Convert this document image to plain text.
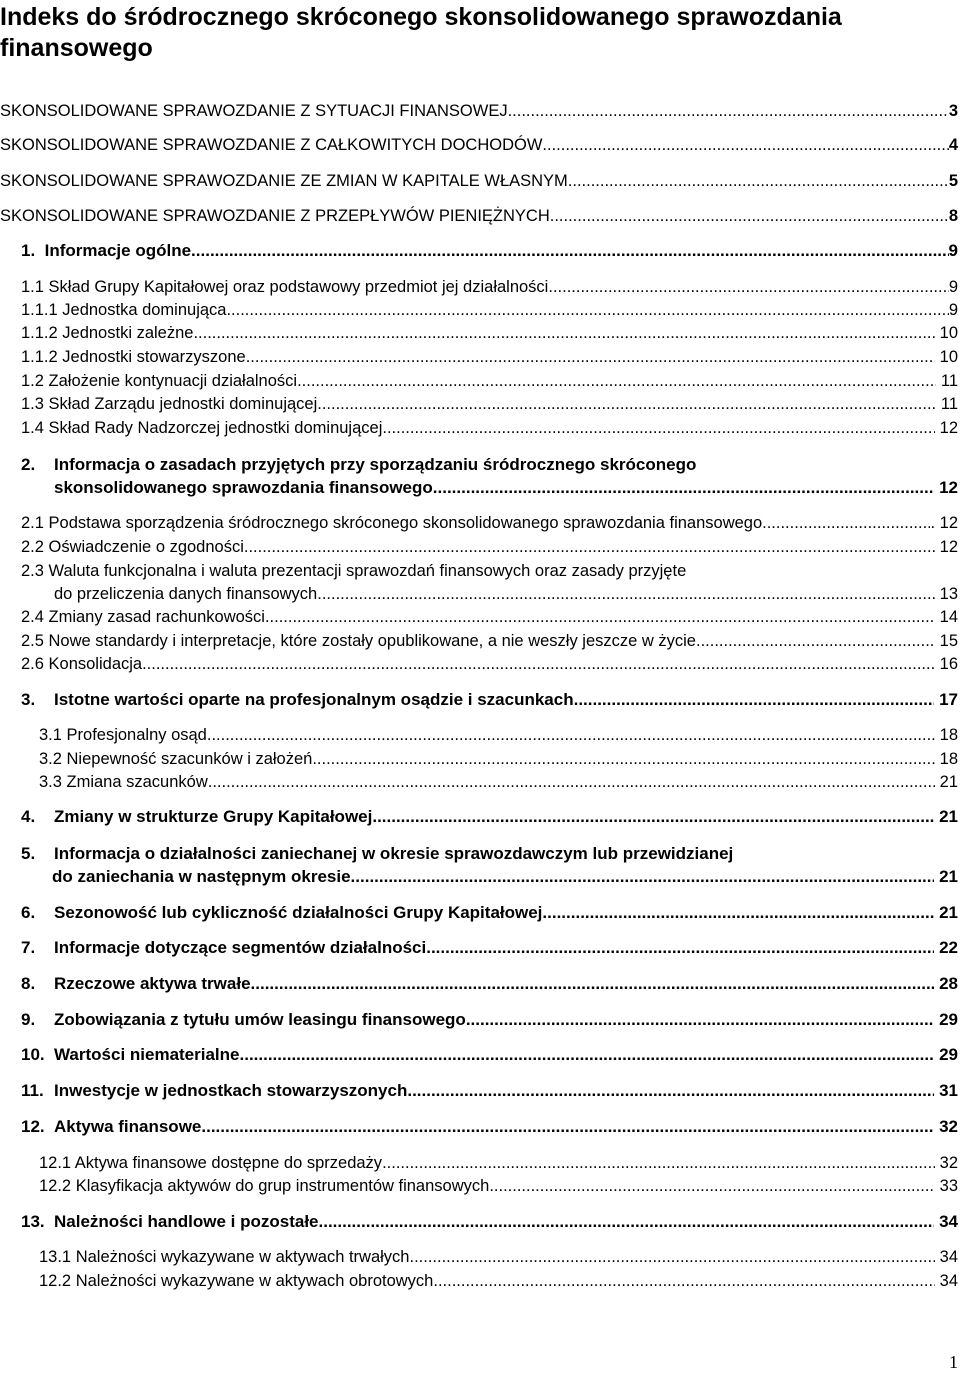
Indeks do śródrocznego skróconego skonsolidowanego sprawozdania finansowego
SKONSOLIDOWANE SPRAWOZDANIE Z SYTUACJI FINANSOWEJ .....	3
SKONSOLIDOWANE SPRAWOZDANIE Z CAŁKOWITYCH DOCHODÓW .....	4
SKONSOLIDOWANE SPRAWOZDANIE ZE ZMIAN W KAPITALE WŁASNYM .....	5
SKONSOLIDOWANE SPRAWOZDANIE Z PRZEPŁYWÓW PIENIĘŻNYCH .....	8
1.  Informacje ogólne .....	9
1.1 Skład Grupy Kapitałowej oraz podstawowy przedmiot jej działalności .....	9
1.1.1 Jednostka dominująca .....	9
1.1.2 Jednostki zależne .....	10
1.1.2 Jednostki stowarzyszone .....	10
1.2 Założenie kontynuacji działalności .....	11
1.3 Skład Zarządu jednostki dominującej .....	11
1.4 Skład Rady Nadzorczej jednostki dominującej .....	12
2. Informacja o zasadach przyjętych przy sporządzaniu śródrocznego skróconego
skonsolidowanego sprawozdania finansowego .....	12
2.1 Podstawa sporządzenia śródrocznego skróconego skonsolidowanego sprawozdania finansowego .....	. 12
2.2 Oświadczenie o zgodności .....	12
2.3 Waluta funkcjonalna i waluta prezentacji sprawozdań finansowych oraz zasady przyjęte
do przeliczenia danych finansowych .....	13
2.4 Zmiany zasad rachunkowości .....	14
2.5 Nowe standardy i interpretacje, które zostały opublikowane, a nie weszły jeszcze w życie .....	15
2.6 Konsolidacja .....	16
3. Istotne wartości oparte na profesjonalnym osądzie i szacunkach .....	17
3.1 Profesjonalny osąd .....	18
3.2 Niepewność szacunków i założeń .....	18
3.3 Zmiana szacunków .....	21
4. Zmiany w strukturze Grupy Kapitałowej .....	21
5. Informacja o działalności zaniechanej w okresie sprawozdawczym lub przewidzianej
do zaniechania w następnym okresie .....	21
6. Sezonowość lub cykliczność działalności Grupy Kapitałowej .....	21
7. Informacje dotyczące segmentów działalności .....	22
8. Rzeczowe aktywa trwałe .....	28
9. Zobowiązania z tytułu umów leasingu finansowego .....	29
10. Wartości niematerialne .....	29
11. Inwestycje w jednostkach stowarzyszonych .....	31
12. Aktywa finansowe .....	32
12.1 Aktywa finansowe dostępne do sprzedaży .....	32
12.2 Klasyfikacja aktywów do grup instrumentów finansowych .....	33
13. Należności handlowe i pozostałe .....	34
13.1 Należności wykazywane w aktywach trwałych .....	34
12.2 Należności wykazywane w aktywach obrotowych .....	34
1
